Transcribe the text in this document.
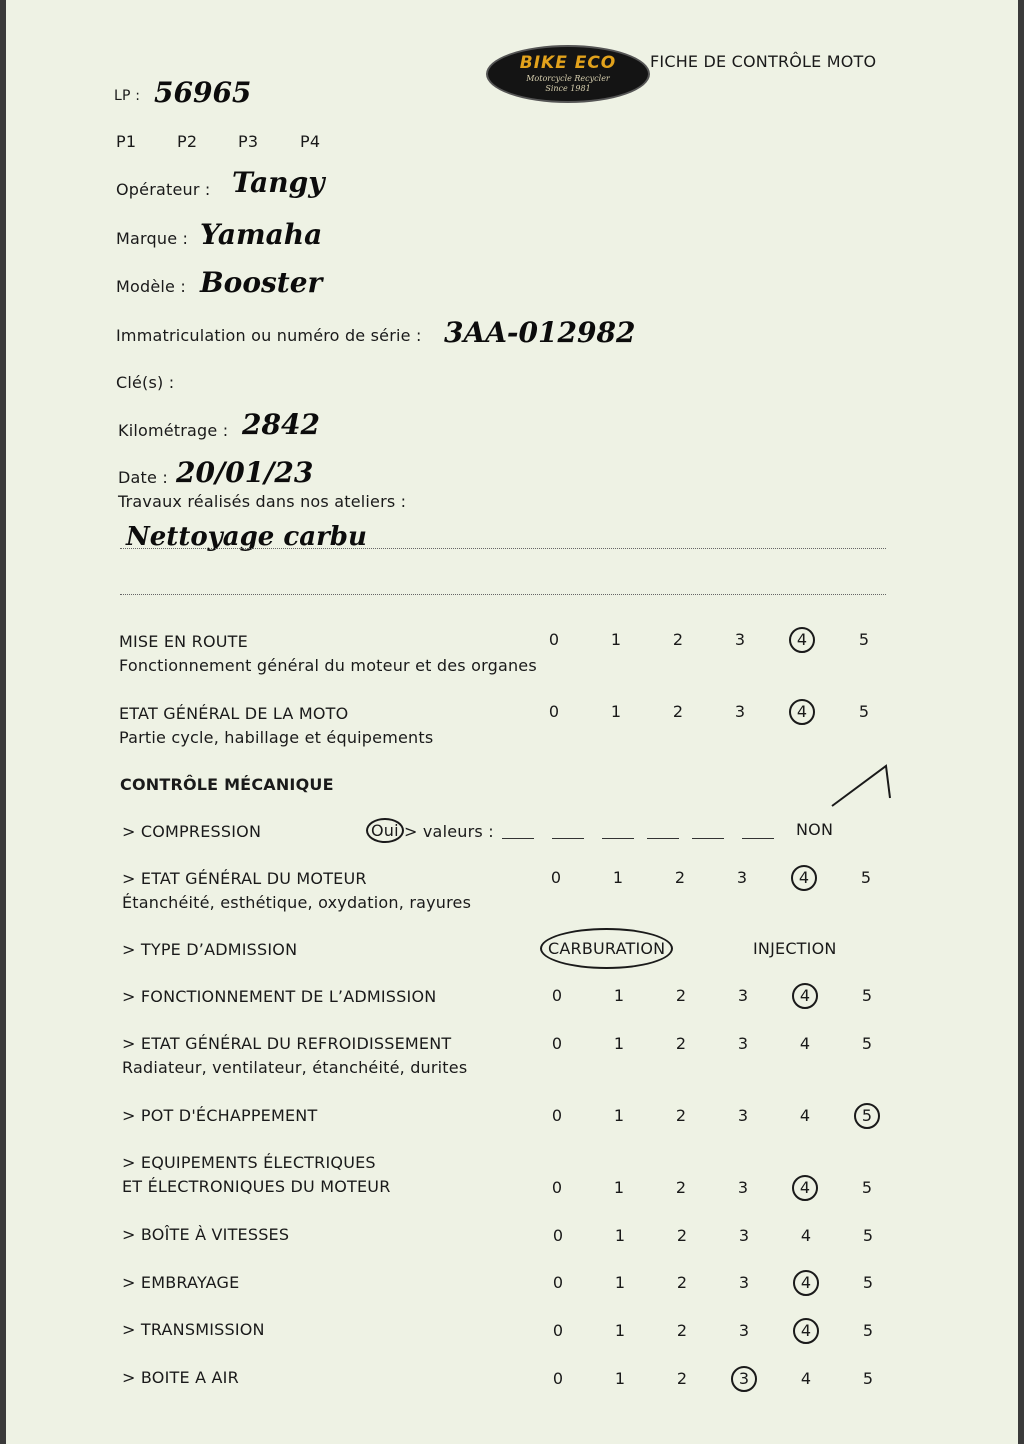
BIKE ECO
Motorcycle Recycler
Since 1981
FICHE DE CONTRÔLE MOTO
LP : 56965
P1	P2	P3	P4
Opérateur : Tangy
Marque : Yamaha
Modèle : Booster
Immatriculation ou numéro de série : 3AA-012982
Clé(s) :
Kilométrage : 2842
Date : 20/01/23
Travaux réalisés dans nos ateliers :
Nettoyage carbu
MISE EN ROUTE
Fonctionnement général du moteur et des organes
0	1	2	3	4	5
ETAT GÉNÉRAL DE LA MOTO
Partie cycle, habillage et équipements
0	1	2	3	4	5
CONTRÔLE MÉCANIQUE
> COMPRESSION	Oui > valeurs :	NON
> ETAT GÉNÉRAL DU MOTEUR
Étanchéité, esthétique, oxydation, rayures
0	1	2	3	4	5
> TYPE D’ADMISSION	CARBURATION	INJECTION
> FONCTIONNEMENT DE L’ADMISSION	0	1	2	3	4	5
> ETAT GÉNÉRAL DU REFROIDISSEMENT
Radiateur, ventilateur, étanchéité, durites
0	1	2	3	4	5
> POT D'ÉCHAPPEMENT	0	1	2	3	4	5
> EQUIPEMENTS ÉLECTRIQUES
ET ÉLECTRONIQUES DU MOTEUR	0	1	2	3	4	5
> BOÎTE À VITESSES	0	1	2	3	4	5
> EMBRAYAGE	0	1	2	3	4	5
> TRANSMISSION	0	1	2	3	4	5
> BOITE A AIR	0	1	2	3	4	5
